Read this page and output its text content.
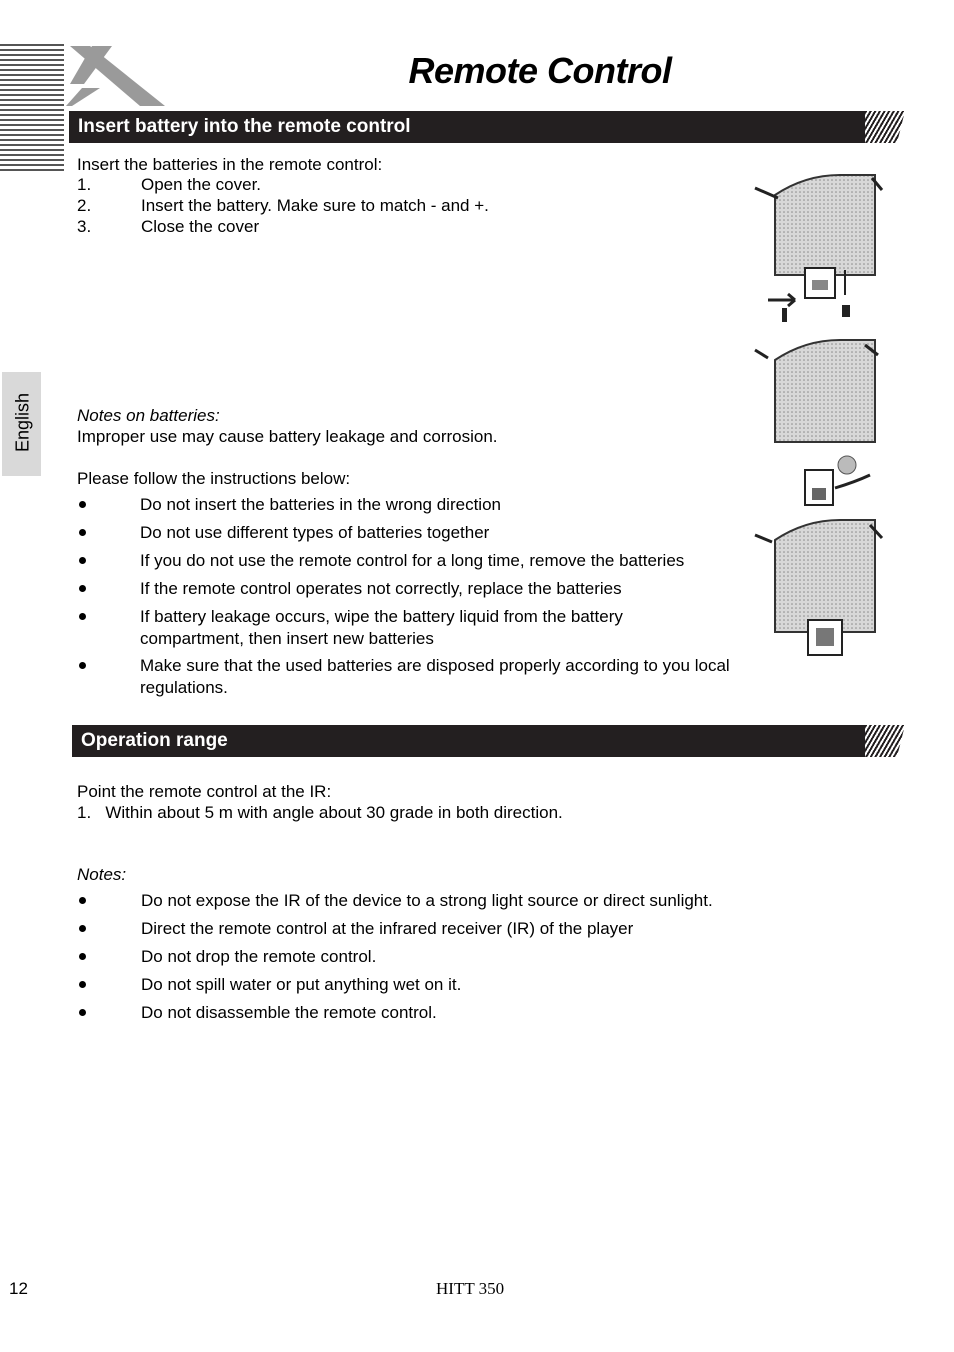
Remote Control
Insert battery into the remote control
English
Insert the batteries in the remote control:
1.	Open the cover.
2.	Insert the battery. Make sure to match - and +.
3.	Close the cover
Notes on batteries:
Improper use may cause battery leakage and corrosion.
Please follow the instructions below:
Do not insert the batteries in the wrong direction
Do not use different types of batteries together
If you do not use the remote control for a long time, remove the batteries
If the remote control operates not correctly, replace the batteries
If battery leakage occurs, wipe the battery liquid from the battery compartment, then insert new batteries
Make sure that the used batteries are disposed properly according to you local regulations.
Operation range
Point the remote control at the IR:
1.   Within about 5 m with angle about 30 grade in both direction.
Notes:
Do not expose the IR of the device to a strong light source or direct sunlight.
Direct the remote control at the infrared receiver (IR) of the player
Do not drop the remote control.
Do not spill water or put anything wet on it.
Do not disassemble the remote control.
12	HITT 350
